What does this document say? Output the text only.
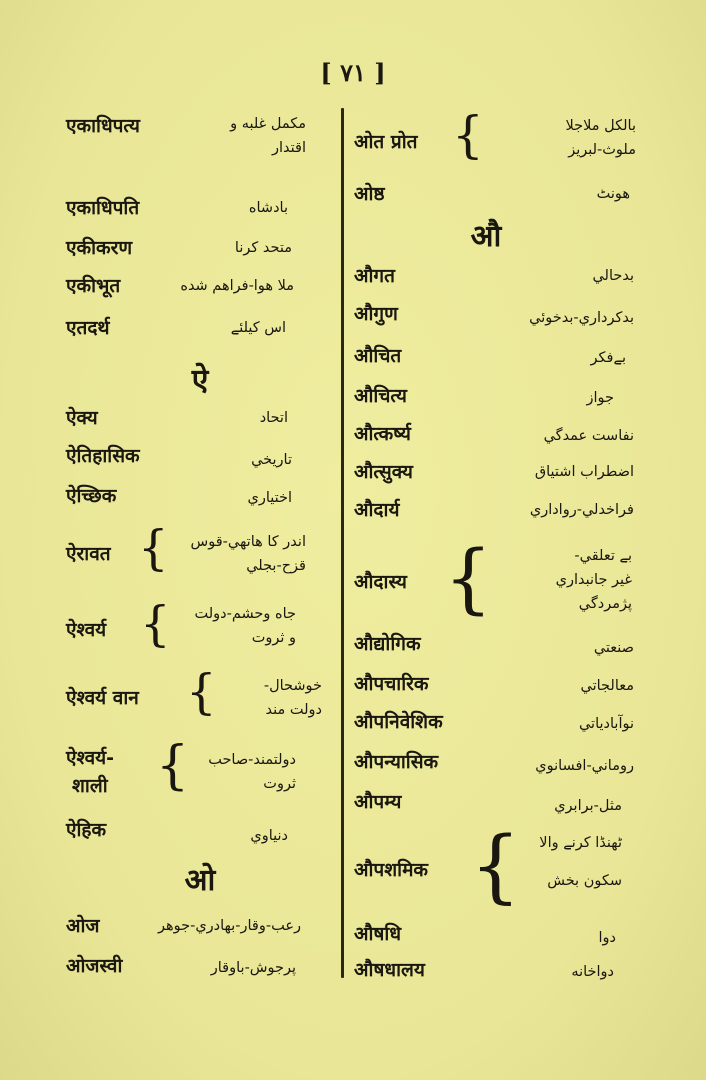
[ ٧١ ]
एकाधिपत्य	مکمل غلبه و
اقتدار
एकाधिपति	بادشاه
एकीकरण	متحد کرنا
एकीभूत	ملا هوا-فراهم شده
एतदर्थ	اس کیلئے
ऐ
ऐक्य	اتحاد
ऐतिहासिक	تاریخي
ऐच्छिक	اختیاري
ऐरावत { اندر کا هاتھي-قوس
قزح-بجلي
ऐश्वर्य { جاه وحشم-دولت
و ثروت
ऐश्वर्य वान {	خوشحال-
دولت مند
ऐश्वर्य-
शाली { دولتمند-صاحب
ثروت
ऐहिक	دنیاوي
ओ
ओज	رعب-وقار-بهادري-جوهر
ओजस्वी	پرجوش-باوقار
ओत प्रोत {	بالکل ملاجلا
ملوث-لبریز
ओष्ठ	هونٹ
औ
औगत	بدحالي
औगुण	بدکرداري-بدخوئي
औचित	بےفکر
औचित्य	جواز
औत्कर्ष्य	نفاست عمدگي
औत्सुक्य	اضطراب اشتیاق
औदार्य	فراخدلي-رواداري
औदास्य {	بے تعلقي-
غیر جانبداري
پژمردگي
औद्योगिक	صنعتي
औपचारिक	معالجاتي
औपनिवेशिक	نوآبادیاتي
औपन्यासिक	روماني-افسانوي
औपम्य	مثل-برابري
औपशमिक { ٹھنڈا کرنے والا
سکون بخش
औषधि	دوا
औषधालय	دواخانه
